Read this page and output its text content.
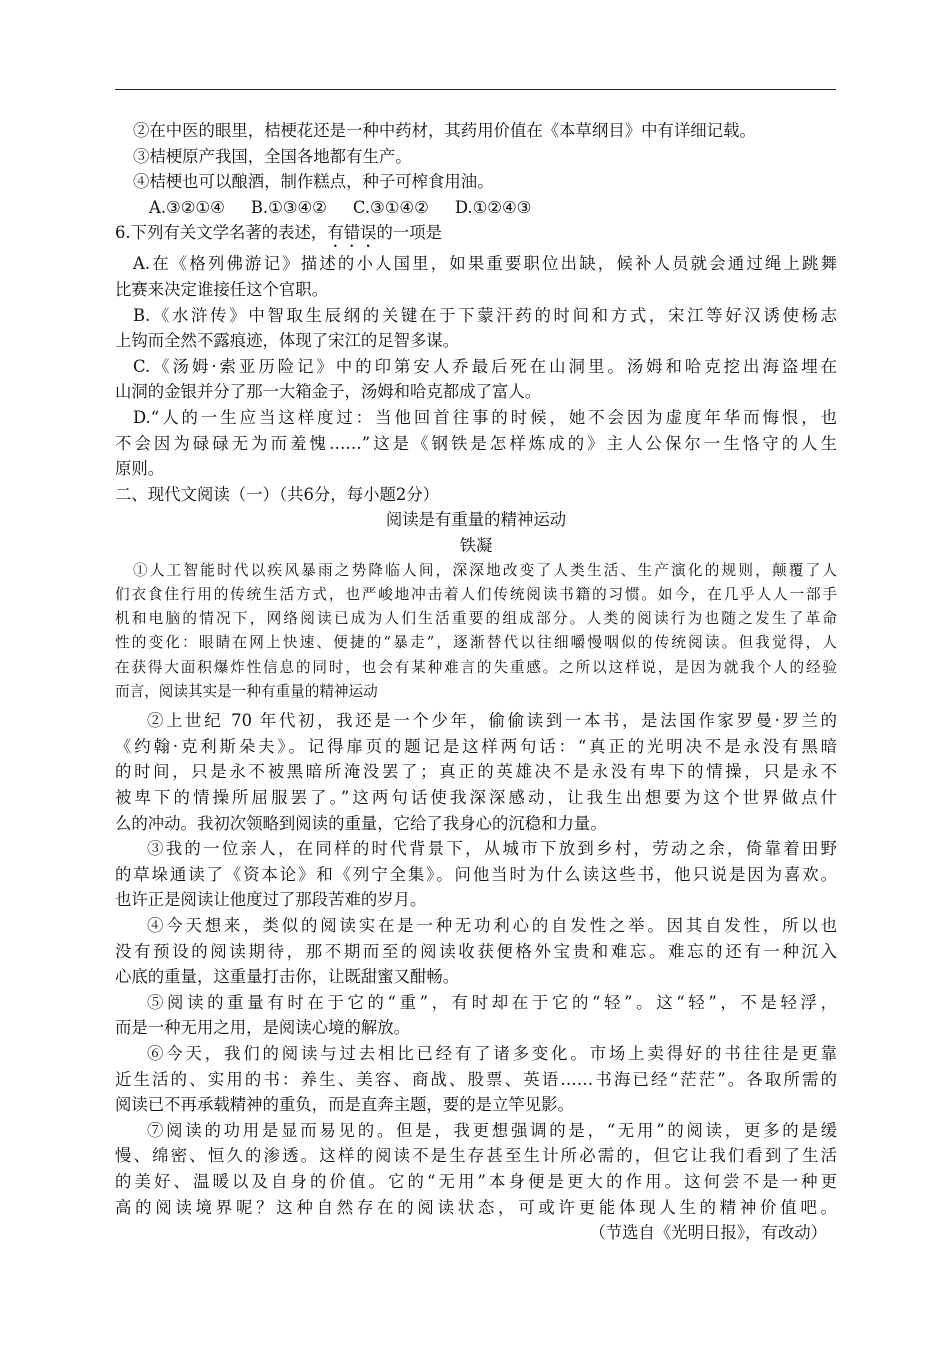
②在中医的眼里，桔梗花还是一种中药材，其药用价值在《本草纲目》中有详细记载。
③桔梗原产我国，全国各地都有生产。
④桔梗也可以酿酒，制作糕点，种子可榨食用油。
A.③②①④ B.①③④② C.③①④② D.①②④③
6.下列有关文学名著的表述，有错误的一项是
A.在《格列佛游记》描述的小人国里，如果重要职位出缺，候补人员就会通过绳上跳舞
比赛来决定谁接任这个官职。
B.《水浒传》中智取生辰纲的关键在于下蒙汗药的时间和方式，宋江等好汉诱使杨志
上钩而全然不露痕迹，体现了宋江的足智多谋。
C.《汤姆·索亚历险记》中的印第安人乔最后死在山洞里。汤姆和哈克挖出海盗埋在
山洞的金银并分了那一大箱金子，汤姆和哈克都成了富人。
D.“人的一生应当这样度过：当他回首往事的时候，她不会因为虚度年华而悔恨，也
不会因为碌碌无为而羞愧……”这是《钢铁是怎样炼成的》主人公保尔一生恪守的人生
原则。
二、现代文阅读（一）（共6分，每小题2分）
阅读是有重量的精神运动
铁凝
①人工智能时代以疾风暴雨之势降临人间，深深地改变了人类生活、生产演化的规则，颠覆了人
们衣食住行用的传统生活方式，也严峻地冲击着人们传统阅读书籍的习惯。如今，在几乎人人一部手
机和电脑的情况下，网络阅读已成为人们生活重要的组成部分。人类的阅读行为也随之发生了革命
性的变化：眼睛在网上快速、便捷的“暴走”，逐渐替代以往细嚼慢咽似的传统阅读。但我觉得，人
在获得大面积爆炸性信息的同时，也会有某种难言的失重感。之所以这样说，是因为就我个人的经验
而言，阅读其实是一种有重量的精神运动
②上世纪 70 年代初，我还是一个少年，偷偷读到一本书，是法国作家罗曼·罗兰的
《约翰·克利斯朵夫》。记得扉页的题记是这样两句话：“真正的光明决不是永没有黑暗
的时间，只是永不被黑暗所淹没罢了；真正的英雄决不是永没有卑下的情操，只是永不
被卑下的情操所屈服罢了。”这两句话使我深深感动，让我生出想要为这个世界做点什
么的冲动。我初次领略到阅读的重量，它给了我身心的沉稳和力量。
③我的一位亲人，在同样的时代背景下，从城市下放到乡村，劳动之余，倚靠着田野
的草垛通读了《资本论》和《列宁全集》。问他当时为什么读这些书，他只说是因为喜欢。
也许正是阅读让他度过了那段苦难的岁月。
④今天想来，类似的阅读实在是一种无功利心的自发性之举。因其自发性，所以也
没有预设的阅读期待，那不期而至的阅读收获便格外宝贵和难忘。难忘的还有一种沉入
心底的重量，这重量打击你，让既甜蜜又酣畅。
⑤阅读的重量有时在于它的“重”，有时却在于它的“轻”。这“轻”，不是轻浮，
而是一种无用之用，是阅读心境的解放。
⑥今天，我们的阅读与过去相比已经有了诸多变化。市场上卖得好的书往往是更靠
近生活的、实用的书：养生、美容、商战、股票、英语……书海已经“茫茫”。各取所需的
阅读已不再承载精神的重负，而是直奔主题，要的是立竿见影。
⑦阅读的功用是显而易见的。但是，我更想强调的是，“无用”的阅读，更多的是缓
慢、绵密、恒久的渗透。这样的阅读不是生存甚至生计所必需的，但它让我们看到了生活
的美好、温暖以及自身的价值。它的“无用”本身便是更大的作用。这何尝不是一种更
高的阅读境界呢？这种自然存在的阅读状态，可或许更能体现人生的精神价值吧。
（节选自《光明日报》，有改动）
